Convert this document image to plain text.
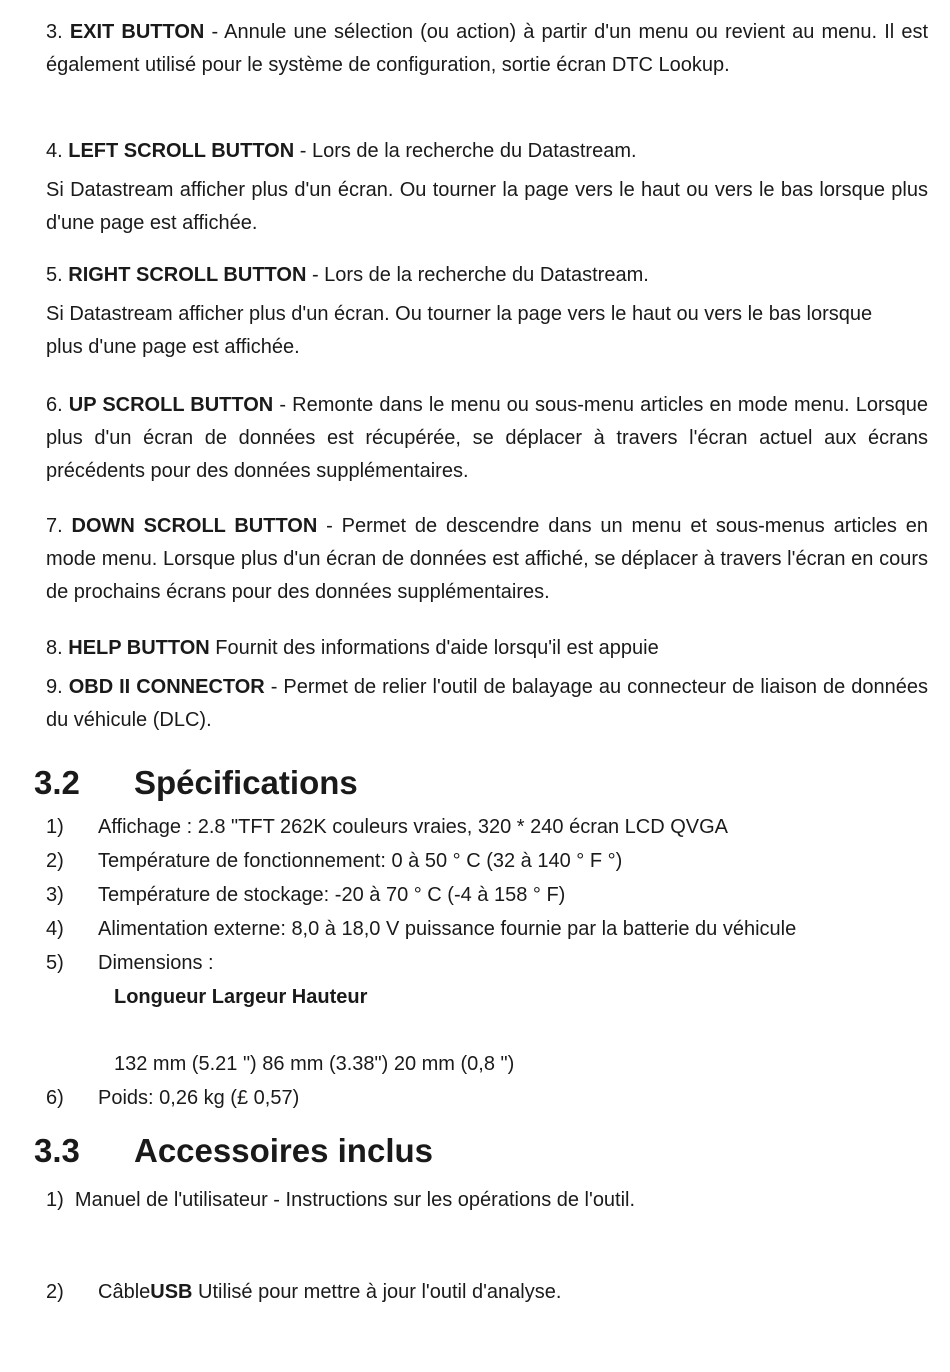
3. EXIT BUTTON - Annule une sélection (ou action) à partir d'un menu ou revient au menu. Il est également utilisé pour le système de configuration, sortie écran DTC Lookup.

4. LEFT SCROLL BUTTON - Lors de la recherche du Datastream.

Si Datastream afficher plus d'un écran. Ou tourner la page vers le haut ou vers le bas lorsque plus d'une page est affichée.

5. RIGHT SCROLL BUTTON - Lors de la recherche du Datastream.

Si Datastream afficher plus d'un écran. Ou tourner la page vers le haut ou vers le bas lorsque plus d'une page est affichée.

6. UP SCROLL BUTTON - Remonte dans le menu ou sous-menu articles en mode menu. Lorsque plus d'un écran de données est récupérée, se déplacer à travers l'écran actuel aux écrans précédents pour des données supplémentaires.

7. DOWN SCROLL BUTTON - Permet de descendre dans un menu et sous-menus articles en mode menu. Lorsque plus d'un écran de données est affiché, se déplacer à travers l'écran en cours de prochains écrans pour des données supplémentaires.

8. HELP BUTTON Fournit des informations d'aide lorsqu'il est appuie

9. OBD II CONNECTOR - Permet de relier l'outil de balayage au connecteur de liaison de données du véhicule (DLC).

3.2 Spécifications

1) Affichage : 2.8 "TFT 262K couleurs vraies, 320 * 240 écran LCD QVGA

2) Température de fonctionnement: 0 à 50 ° C (32 à 140 ° F °)

3) Température de stockage: -20 à 70 ° C (-4 à 158 ° F)

4) Alimentation externe: 8,0 à 18,0 V puissance fournie par la batterie du véhicule

5) Dimensions :

Longueur Largeur Hauteur

132 mm (5.21 ") 86 mm (3.38") 20 mm (0,8 ")

6) Poids: 0,26 kg (£ 0,57)

3.3 Accessoires inclus

1) Manuel de l'utilisateur - Instructions sur les opérations de l'outil.

2) CâbleUSB Utilisé pour mettre à jour l'outil d'analyse.
